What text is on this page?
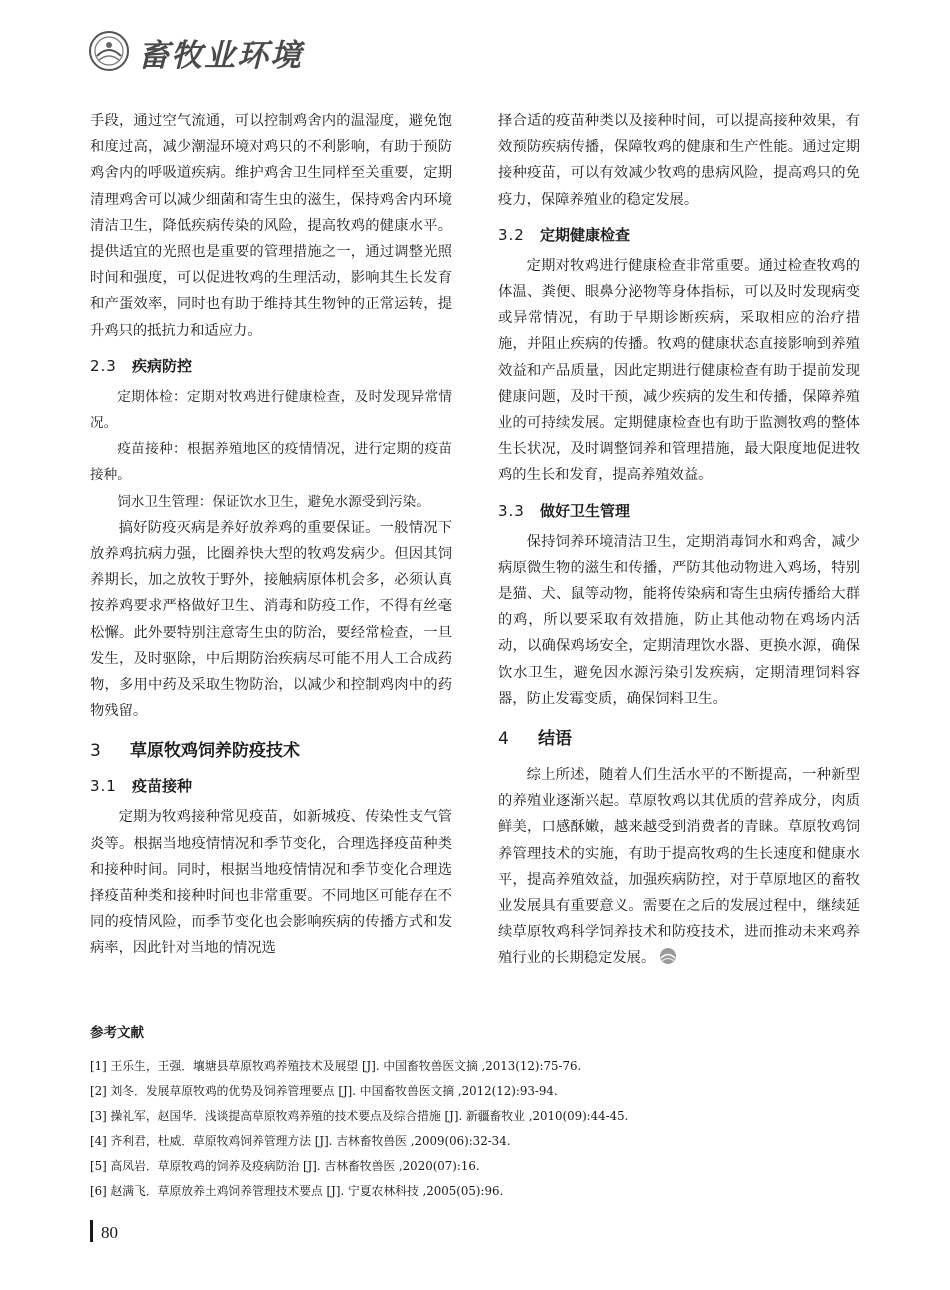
畜牧业环境

手段，通过空气流通，可以控制鸡舍内的温湿度，避免饱和度过高，减少潮湿环境对鸡只的不利影响，有助于预防鸡舍内的呼吸道疾病。维护鸡舍卫生同样至关重要，定期清理鸡舍可以减少细菌和寄生虫的滋生，保持鸡舍内环境清洁卫生，降低疾病传染的风险，提高牧鸡的健康水平。提供适宜的光照也是重要的管理措施之一，通过调整光照时间和强度，可以促进牧鸡的生理活动，影响其生长发育和产蛋效率，同时也有助于维持其生物钟的正常运转，提升鸡只的抵抗力和适应力。

2.3 疾病防控

定期体检：定期对牧鸡进行健康检查，及时发现异常情况。

疫苗接种：根据养殖地区的疫情情况，进行定期的疫苗接种。

饲水卫生管理：保证饮水卫生，避免水源受到污染。

搞好防疫灭病是养好放养鸡的重要保证。一般情况下放养鸡抗病力强，比圈养快大型的牧鸡发病少。但因其饲养期长，加之放牧于野外，接触病原体机会多，必须认真按养鸡要求严格做好卫生、消毒和防疫工作，不得有丝毫松懈。此外要特别注意寄生虫的防治，要经常检查，一旦发生，及时驱除，中后期防治疾病尽可能不用人工合成药物，多用中药及采取生物防治，以减少和控制鸡肉中的药物残留。

3 草原牧鸡饲养防疫技术
3.1 疫苗接种

定期为牧鸡接种常见疫苗，如新城疫、传染性支气管炎等。根据当地疫情情况和季节变化，合理选择疫苗种类和接种时间。同时，根据当地疫情情况和季节变化合理选择疫苗种类和接种时间也非常重要。不同地区可能存在不同的疫情风险，而季节变化也会影响疾病的传播方式和发病率，因此针对当地的情况选

择合适的疫苗种类以及接种时间，可以提高接种效果，有效预防疾病传播，保障牧鸡的健康和生产性能。通过定期接种疫苗，可以有效减少牧鸡的患病风险，提高鸡只的免疫力，保障养殖业的稳定发展。

3.2 定期健康检查

定期对牧鸡进行健康检查非常重要。通过检查牧鸡的体温、粪便、眼鼻分泌物等身体指标，可以及时发现病变或异常情况，有助于早期诊断疾病，采取相应的治疗措施，并阻止疾病的传播。牧鸡的健康状态直接影响到养殖效益和产品质量，因此定期进行健康检查有助于提前发现健康问题，及时干预，减少疾病的发生和传播，保障养殖业的可持续发展。定期健康检查也有助于监测牧鸡的整体生长状况，及时调整饲养和管理措施，最大限度地促进牧鸡的生长和发育，提高养殖效益。

3.3 做好卫生管理

保持饲养环境清洁卫生，定期消毒饲水和鸡舍，减少病原微生物的滋生和传播，严防其他动物进入鸡场，特别是猫、犬、鼠等动物，能将传染病和寄生虫病传播给大群的鸡，所以要采取有效措施，防止其他动物在鸡场内活动，以确保鸡场安全，定期清理饮水器、更换水源，确保饮水卫生，避免因水源污染引发疾病，定期清理饲料容器，防止发霉变质，确保饲料卫生。

4 结语

综上所述，随着人们生活水平的不断提高，一种新型的养殖业逐渐兴起。草原牧鸡以其优质的营养成分，肉质鲜美，口感酥嫩，越来越受到消费者的青睐。草原牧鸡饲养管理技术的实施，有助于提高牧鸡的生长速度和健康水平，提高养殖效益，加强疾病防控，对于草原地区的畜牧业发展具有重要意义。需要在之后的发展过程中，继续延续草原牧鸡科学饲养技术和防疫技术，进而推动未来鸡养殖行业的长期稳定发展。

参考文献
[1] 王乐生，王强．壤塘县草原牧鸡养殖技术及展望 [J]. 中国畜牧兽医文摘 ,2013(12):75-76.
[2] 刘冬．发展草原牧鸡的优势及饲养管理要点 [J]. 中国畜牧兽医文摘 ,2012(12):93-94.
[3] 操礼军，赵国华．浅谈提高草原牧鸡养殖的技术要点及综合措施 [J]. 新疆畜牧业 ,2010(09):44-45.
[4] 齐利君，杜威．草原牧鸡饲养管理方法 [J]. 吉林畜牧兽医 ,2009(06):32-34.
[5] 高凤岩．草原牧鸡的饲养及疫病防治 [J]. 吉林畜牧兽医 ,2020(07):16.
[6] 赵满飞．草原放养土鸡饲养管理技术要点 [J]. 宁夏农林科技 ,2005(05):96.
80
